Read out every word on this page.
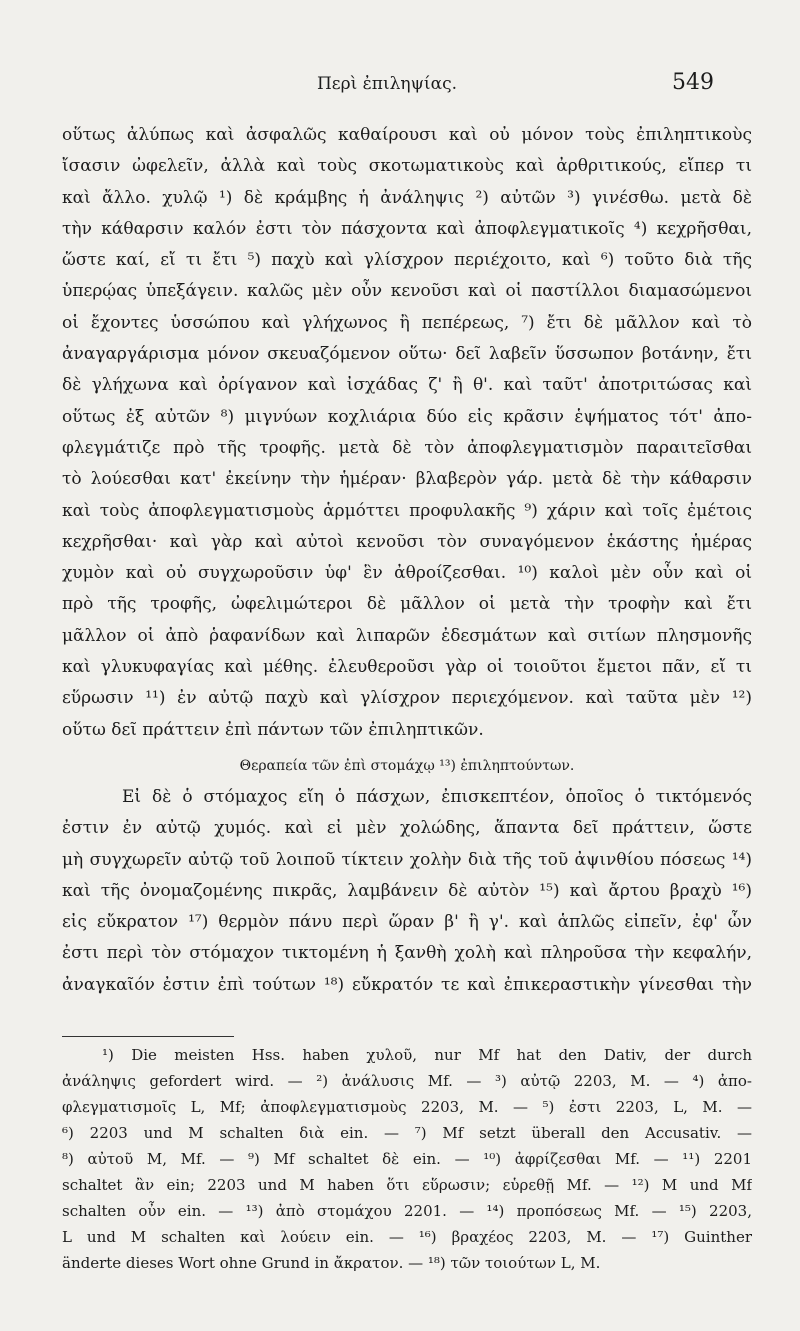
Περὶ ἐπιληψίας.	549
οὕτως ἀλύπως καὶ ἀσφαλῶς καθαίρουσι καὶ οὐ μόνον τοὺς ἐπιληπτικοὺς
ἴσασιν ὠφελεῖν, ἀλλὰ καὶ τοὺς σκοτωματικοὺς καὶ ἀρθριτικούς, εἴπερ τι
καὶ ἄλλο. χυλῷ ¹) δὲ κράμβης ἡ ἀνάληψις ²) αὐτῶν ³) γινέσθω. μετὰ δὲ
τὴν κάθαρσιν καλόν ἐστι τὸν πάσχοντα καὶ ἀποφλεγματικοῖς ⁴) κεχρῆσθαι,
ὥστε καί, εἴ τι ἔτι ⁵) παχὺ καὶ γλίσχρον περιέχοιτο, καὶ ⁶) τοῦτο διὰ τῆς
ὑπερῴας ὑπεξάγειν. καλῶς μὲν οὖν κενοῦσι καὶ οἱ παστίλλοι διαμασώμενοι
οἱ ἔχοντες ὑσσώπου καὶ γλήχωνος ἢ πεπέρεως, ⁷) ἔτι δὲ μᾶλλον καὶ τὸ
ἀναγαργάρισμα μόνον σκευαζόμενον οὕτω· δεῖ λαβεῖν ὕσσωπον βοτάνην, ἔτι
δὲ γλήχωνα καὶ ὀρίγανον καὶ ἰσχάδας ζ' ἢ θ'. καὶ ταῦτ' ἀποτριτώσας καὶ
οὕτως ἐξ αὐτῶν ⁸) μιγνύων κοχλιάρια δύο εἰς κρᾶσιν ἑψήματος τότ' ἀπο-
φλεγμάτιζε πρὸ τῆς τροφῆς. μετὰ δὲ τὸν ἀποφλεγματισμὸν παραιτεῖσθαι
τὸ λούεσθαι κατ' ἐκείνην τὴν ἡμέραν· βλαβερὸν γάρ. μετὰ δὲ τὴν κάθαρσιν
καὶ τοὺς ἀποφλεγματισμοὺς ἁρμόττει προφυλακῆς ⁹) χάριν καὶ τοῖς ἐμέτοις
κεχρῆσθαι· καὶ γὰρ καὶ αὐτοὶ κενοῦσι τὸν συναγόμενον ἑκάστης ἡμέρας
χυμὸν καὶ οὐ συγχωροῦσιν ὑφ' ἓν ἀθροίζεσθαι. ¹⁰) καλοὶ μὲν οὖν καὶ οἱ
πρὸ τῆς τροφῆς, ὠφελιμώτεροι δὲ μᾶλλον οἱ μετὰ τὴν τροφὴν καὶ ἔτι
μᾶλλον οἱ ἀπὸ ῥαφανίδων καὶ λιπαρῶν ἐδεσμάτων καὶ σιτίων πλησμονῆς
καὶ γλυκυφαγίας καὶ μέθης. ἐλευθεροῦσι γὰρ οἱ τοιοῦτοι ἔμετοι πᾶν, εἴ τι
εὕρωσιν ¹¹) ἐν αὐτῷ παχὺ καὶ γλίσχρον περιεχόμενον. καὶ ταῦτα μὲν ¹²)
οὕτω δεῖ πράττειν ἐπὶ πάντων τῶν ἐπιληπτικῶν.
Θεραπεία τῶν ἐπὶ στομάχῳ ¹³) ἐπιληπτούντων.
Εἰ δὲ ὁ στόμαχος εἴη ὁ πάσχων, ἐπισκεπτέον, ὁποῖος ὁ τικτόμενός
ἐστιν ἐν αὐτῷ χυμός. καὶ εἰ μὲν χολώδης, ἅπαντα δεῖ πράττειν, ὥστε
μὴ συγχωρεῖν αὐτῷ τοῦ λοιποῦ τίκτειν χολὴν διὰ τῆς τοῦ ἀψινθίου πόσεως ¹⁴)
καὶ τῆς ὀνομαζομένης πικρᾶς, λαμβάνειν δὲ αὐτὸν ¹⁵) καὶ ἄρτου βραχὺ ¹⁶)
εἰς εὔκρατον ¹⁷) θερμὸν πάνυ περὶ ὥραν β' ἢ γ'. καὶ ἁπλῶς εἰπεῖν, ἐφ' ὧν
ἐστι περὶ τὸν στόμαχον τικτομένη ἡ ξανθὴ χολὴ καὶ πληροῦσα τὴν κεφαλήν,
ἀναγκαῖόν ἐστιν ἐπὶ τούτων ¹⁸) εὔκρατόν τε καὶ ἐπικεραστικὴν γίνεσθαι τὴν
¹) Die meisten Hss. haben χυλοῦ, nur Mf hat den Dativ, der durch
ἀνάληψις gefordert wird. — ²) ἀνάλυσις Mf. — ³) αὐτῷ 2203, M. — ⁴) ἀπο-
φλεγματισμοῖς L, Mf; ἀποφλεγματισμοὺς 2203, M. — ⁵) ἐστι 2203, L, M. —
⁶) 2203 und M schalten διὰ ein. — ⁷) Mf setzt überall den Accusativ. —
⁸) αὐτοῦ M, Mf. — ⁹) Mf schaltet δὲ ein. — ¹⁰) ἀφρίζεσθαι Mf. — ¹¹) 2201
schaltet ἂν ein; 2203 und M haben ὅτι εὕρωσιν; εὑρεθῇ Mf. — ¹²) M und Mf
schalten οὖν ein. — ¹³) ἀπὸ στομάχου 2201. — ¹⁴) προπόσεως Mf. — ¹⁵) 2203,
L und M schalten καὶ λούειν ein. — ¹⁶) βραχέος 2203, M. — ¹⁷) Guinther
änderte dieses Wort ohne Grund in ἄκρατον. — ¹⁸) τῶν τοιούτων L, M.
